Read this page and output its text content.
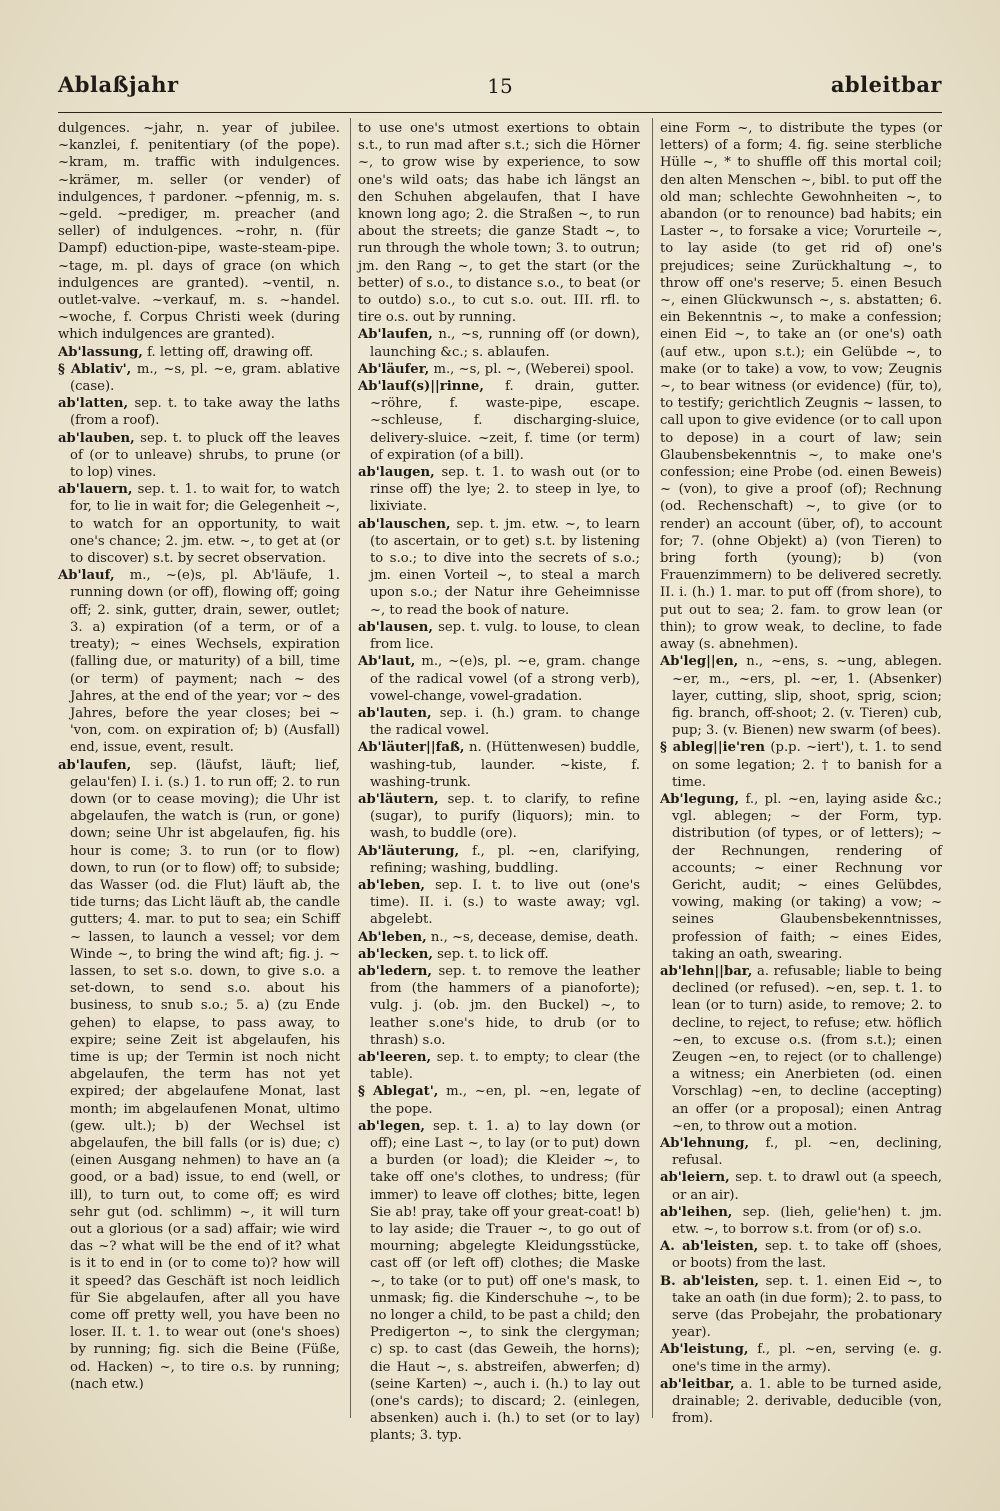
Ablaßjahr	15	ableitbar

dulgences. ~jahr, n. year of jubilee. ~kanzlei, f. penitentiary (of the pope). ~kram, m. traffic with indulgences. ~krämer, m. seller (or vender) of indulgences, † pardoner. ~pfennig, m. s. ~geld. ~prediger, m. preacher (and seller) of indulgences. ~rohr, n. (für Dampf) eduction-pipe, waste-steam-pipe. ~tage, m. pl. days of grace (on which indulgences are granted). ~ventil, n. outlet-valve. ~verkauf, m. s. ~handel. ~woche, f. Corpus Christi week (during which indulgences are granted).

Ab'lassung, f. letting off, drawing off.

§ Ablativ', m., ~s, pl. ~e, gram. ablative (case).

ab'latten, sep. t. to take away the laths (from a roof).

ab'lauben, sep. t. to pluck off the leaves of (or to unleave) shrubs, to prune (or to lop) vines.

ab'lauern, sep. t. 1. to wait for, to watch for, to lie in wait for; die Gelegenheit ~, to watch for an opportunity, to wait one's chance; 2. jm. etw. ~, to get at (or to discover) s.t. by secret observation.

Ab'lauf, m., ~(e)s, pl. Ab'läufe, 1. running down (or off), flowing off; going off; 2. sink, gutter, drain, sewer, outlet; 3. a) expiration (of a term, or of a treaty); ~ eines Wechsels, expiration (falling due, or maturity) of a bill, time (or term) of payment; nach ~ des Jahres, at the end of the year; vor ~ des Jahres, before the year closes; bei ~ 'von, com. on expiration of; b) (Ausfall) end, issue, event, result.

ab'laufen, sep. (läufst, läuft; lief, gelau'fen) I. i. (s.) 1. to run off; 2. to run down (or to cease moving); die Uhr ist abgelaufen, the watch is (run, or gone) down; seine Uhr ist abgelaufen, fig. his hour is come; 3. to run (or to flow) down, to run (or to flow) off; to subside; das Wasser (od. die Flut) läuft ab, the tide turns; das Licht läuft ab, the candle gutters; 4. mar. to put to sea; ein Schiff ~ lassen, to launch a vessel; vor dem Winde ~, to bring the wind aft; fig. j. ~ lassen, to set s.o. down, to give s.o. a set-down, to send s.o. about his business, to snub s.o.; 5. a) (zu Ende gehen) to elapse, to pass away, to expire; seine Zeit ist abgelaufen, his time is up; der Termin ist noch nicht abgelaufen, the term has not yet expired; der abgelaufene Monat, last month; im abgelaufenen Monat, ultimo (gew. ult.); b) der Wechsel ist abgelaufen, the bill falls (or is) due; c) (einen Ausgang nehmen) to have an (a good, or a bad) issue, to end (well, or ill), to turn out, to come off; es wird sehr gut (od. schlimm) ~, it will turn out a glorious (or a sad) affair; wie wird das ~? what will be the end of it? what is it to end in (or to come to)? how will it speed? das Geschäft ist noch leidlich für Sie abgelaufen, after all you have come off pretty well, you have been no loser. II. t. 1. to wear out (one's shoes) by running; fig. sich die Beine (Füße, od. Hacken) ~, to tire o.s. by running; (nach etw.)

to use one's utmost exertions to obtain s.t., to run mad after s.t.; sich die Hörner ~, to grow wise by experience, to sow one's wild oats; das habe ich längst an den Schuhen abgelaufen, that I have known long ago; 2. die Straßen ~, to run about the streets; die ganze Stadt ~, to run through the whole town; 3. to outrun; jm. den Rang ~, to get the start (or the better) of s.o., to distance s.o., to beat (or to outdo) s.o., to cut s.o. out. III. rfl. to tire o.s. out by running.

Ab'laufen, n., ~s, running off (or down), launching &c.; s. ablaufen.

Ab'läufer, m., ~s, pl. ~, (Weberei) spool.

Ab'lauf(s)||rinne, f. drain, gutter. ~röhre, f. waste-pipe, escape. ~schleuse, f. discharging-sluice, delivery-sluice. ~zeit, f. time (or term) of expiration (of a bill).

ab'laugen, sep. t. 1. to wash out (or to rinse off) the lye; 2. to steep in lye, to lixiviate.

ab'lauschen, sep. t. jm. etw. ~, to learn (to ascertain, or to get) s.t. by listening to s.o.; to dive into the secrets of s.o.; jm. einen Vorteil ~, to steal a march upon s.o.; der Natur ihre Geheimnisse ~, to read the book of nature.

ab'lausen, sep. t. vulg. to louse, to clean from lice.

Ab'laut, m., ~(e)s, pl. ~e, gram. change of the radical vowel (of a strong verb), vowel-change, vowel-gradation.

ab'lauten, sep. i. (h.) gram. to change the radical vowel.

Ab'läuter||faß, n. (Hüttenwesen) buddle, washing-tub, launder. ~kiste, f. washing-trunk.

ab'läutern, sep. t. to clarify, to refine (sugar), to purify (liquors); min. to wash, to buddle (ore).

Ab'läuterung, f., pl. ~en, clarifying, refining; washing, buddling.

ab'leben, sep. I. t. to live out (one's time). II. i. (s.) to waste away; vgl. abgelebt.

Ab'leben, n., ~s, decease, demise, death.

ab'lecken, sep. t. to lick off.

ab'ledern, sep. t. to remove the leather from (the hammers of a pianoforte); vulg. j. (ob. jm. den Buckel) ~, to leather s.one's hide, to drub (or to thrash) s.o.

ab'leeren, sep. t. to empty; to clear (the table).

§ Ablegat', m., ~en, pl. ~en, legate of the pope.

ab'legen, sep. t. 1. a) to lay down (or off); eine Last ~, to lay (or to put) down a burden (or load); die Kleider ~, to take off one's clothes, to undress; (für immer) to leave off clothes; bitte, legen Sie ab! pray, take off your great-coat! b) to lay aside; die Trauer ~, to go out of mourning; abgelegte Kleidungsstücke, cast off (or left off) clothes; die Maske ~, to take (or to put) off one's mask, to unmask; fig. die Kinderschuhe ~, to be no longer a child, to be past a child; den Predigerton ~, to sink the clergyman; c) sp. to cast (das Geweih, the horns); die Haut ~, s. abstreifen, abwerfen; d) (seine Karten) ~, auch i. (h.) to lay out (one's cards); to discard; 2. (einlegen, absenken) auch i. (h.) to set (or to lay) plants; 3. typ.

eine Form ~, to distribute the types (or letters) of a form; 4. fig. seine sterbliche Hülle ~, * to shuffle off this mortal coil; den alten Menschen ~, bibl. to put off the old man; schlechte Gewohnheiten ~, to abandon (or to renounce) bad habits; ein Laster ~, to forsake a vice; Vorurteile ~, to lay aside (to get rid of) one's prejudices; seine Zurückhaltung ~, to throw off one's reserve; 5. einen Besuch ~, einen Glückwunsch ~, s. abstatten; 6. ein Bekenntnis ~, to make a confession; einen Eid ~, to take an (or one's) oath (auf etw., upon s.t.); ein Gelübde ~, to make (or to take) a vow, to vow; Zeugnis ~, to bear witness (or evidence) (für, to), to testify; gerichtlich Zeugnis ~ lassen, to call upon to give evidence (or to call upon to depose) in a court of law; sein Glaubensbekenntnis ~, to make one's confession; eine Probe (od. einen Beweis) ~ (von), to give a proof (of); Rechnung (od. Rechenschaft) ~, to give (or to render) an account (über, of), to account for; 7. (ohne Objekt) a) (von Tieren) to bring forth (young); b) (von Frauenzimmern) to be delivered secretly. II. i. (h.) 1. mar. to put off (from shore), to put out to sea; 2. fam. to grow lean (or thin); to grow weak, to decline, to fade away (s. abnehmen).

Ab'leg||en, n., ~ens, s. ~ung, ablegen. ~er, m., ~ers, pl. ~er, 1. (Absenker) layer, cutting, slip, shoot, sprig, scion; fig. branch, off-shoot; 2. (v. Tieren) cub, pup; 3. (v. Bienen) new swarm (of bees).

§ ableg||ie'ren (p.p. ~iert'), t. 1. to send on some legation; 2. † to banish for a time.

Ab'legung, f., pl. ~en, laying aside &c.; vgl. ablegen; ~ der Form, typ. distribution (of types, or of letters); ~ der Rechnungen, rendering of accounts; ~ einer Rechnung vor Gericht, audit; ~ eines Gelübdes, vowing, making (or taking) a vow; ~ seines Glaubensbekenntnisses, profession of faith; ~ eines Eides, taking an oath, swearing.

ab'lehn||bar, a. refusable; liable to being declined (or refused). ~en, sep. t. 1. to lean (or to turn) aside, to remove; 2. to decline, to reject, to refuse; etw. höflich ~en, to excuse o.s. (from s.t.); einen Zeugen ~en, to reject (or to challenge) a witness; ein Anerbieten (od. einen Vorschlag) ~en, to decline (accepting) an offer (or a proposal); einen Antrag ~en, to throw out a motion.

Ab'lehnung, f., pl. ~en, declining, refusal.

ab'leiern, sep. t. to drawl out (a speech, or an air).

ab'leihen, sep. (lieh, gelie'hen) t. jm. etw. ~, to borrow s.t. from (or of) s.o.

A. ab'leisten, sep. t. to take off (shoes, or boots) from the last.

B. ab'leisten, sep. t. 1. einen Eid ~, to take an oath (in due form); 2. to pass, to serve (das Probejahr, the probationary year).

Ab'leistung, f., pl. ~en, serving (e. g. one's time in the army).

ab'leitbar, a. 1. able to be turned aside, drainable; 2. derivable, deducible (von, from).
